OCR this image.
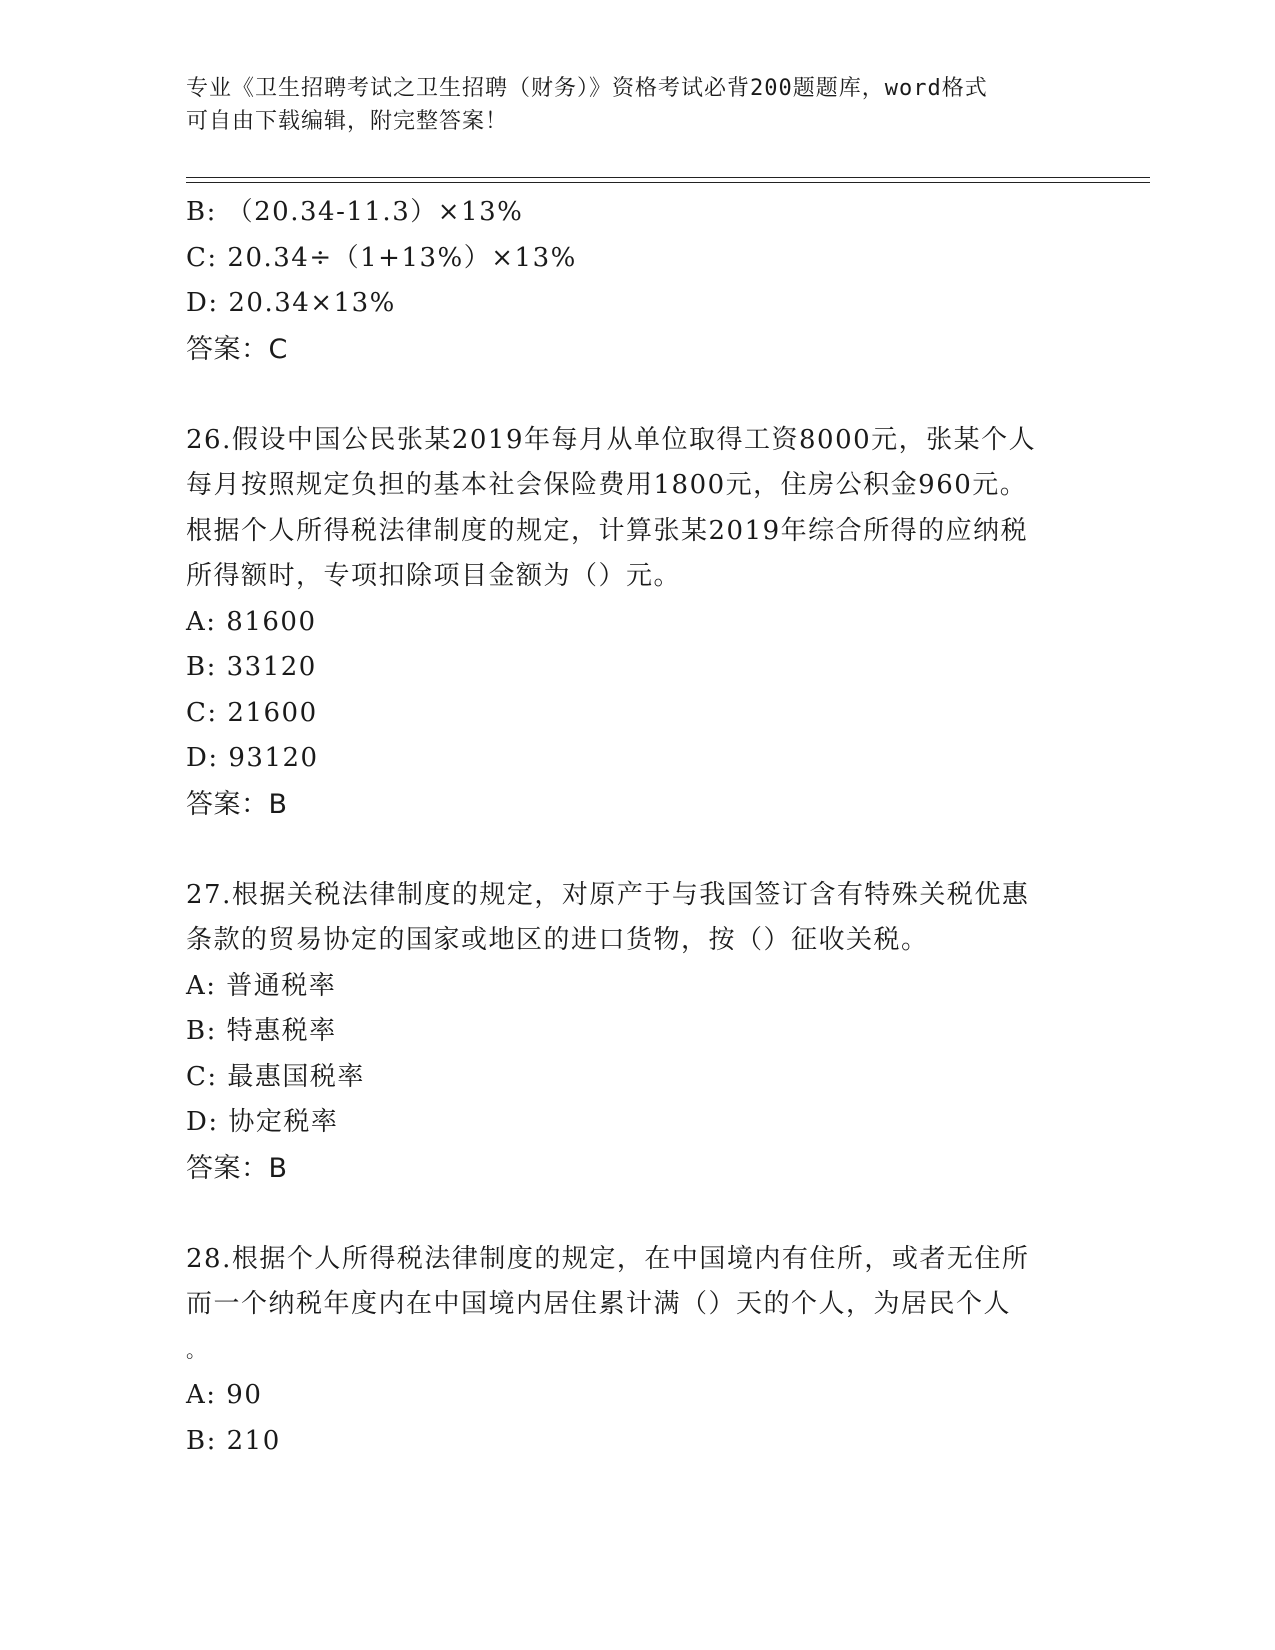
专业《卫生招聘考试之卫生招聘（财务）》资格考试必背200题题库，word格式
可自由下载编辑，附完整答案！
B: （20.34-11.3）×13%
C: 20.34÷（1+13%）×13%
D: 20.34×13%
答案：C
26.假设中国公民张某2019年每月从单位取得工资8000元，张某个人
每月按照规定负担的基本社会保险费用1800元，住房公积金960元。
根据个人所得税法律制度的规定，计算张某2019年综合所得的应纳税
所得额时，专项扣除项目金额为（）元。
A: 81600
B: 33120
C: 21600
D: 93120
答案：B
27.根据关税法律制度的规定，对原产于与我国签订含有特殊关税优惠
条款的贸易协定的国家或地区的进口货物，按（）征收关税。
A: 普通税率
B: 特惠税率
C: 最惠国税率
D: 协定税率
答案：B
28.根据个人所得税法律制度的规定，在中国境内有住所，或者无住所
而一个纳税年度内在中国境内居住累计满（）天的个人，为居民个人
。
A: 90
B: 210
